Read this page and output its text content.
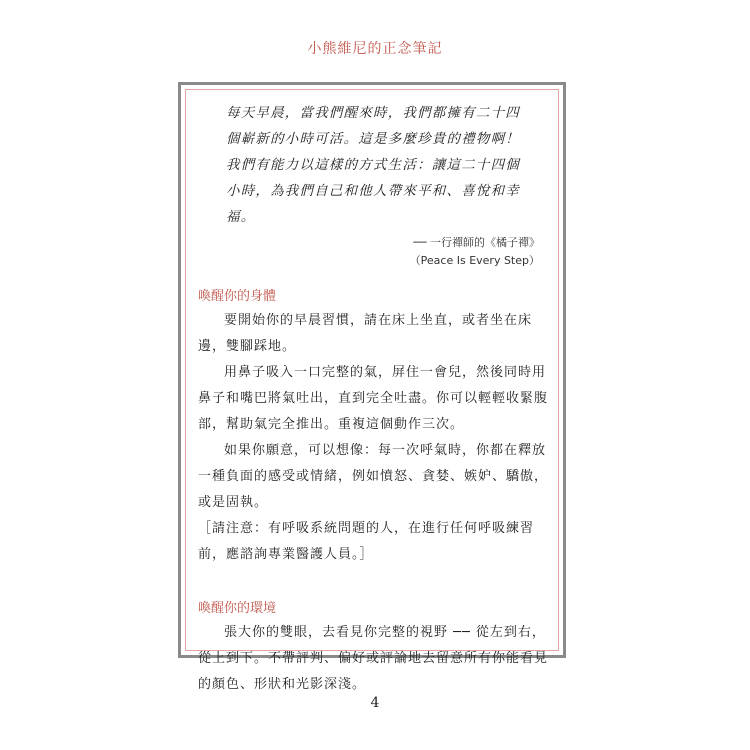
小熊維尼的正念筆記

每天早晨，當我們醒來時，我們都擁有二十四個嶄新的小時可活。這是多麼珍貴的禮物啊！

我們有能力以這樣的方式生活：讓這二十四個小時，為我們自己和他人帶來平和、喜悅和幸福。

── 一行禪師的《橘子禪》
（Peace Is Every Step）
喚醒你的身體

要開始你的早晨習慣，請在床上坐直，或者坐在床邊，雙腳踩地。

用鼻子吸入一口完整的氣，屏住一會兒，然後同時用鼻子和嘴巴將氣吐出，直到完全吐盡。你可以輕輕收緊腹部，幫助氣完全推出。重複這個動作三次。

如果你願意，可以想像：每一次呼氣時，你都在釋放一種負面的感受或情緒，例如憤怒、貪婪、嫉妒、驕傲，或是固執。

［請注意：有呼吸系統問題的人，在進行任何呼吸練習前，應諮詢專業醫護人員。］

喚醒你的環境

張大你的雙眼，去看見你完整的視野 ── 從左到右，從上到下。不帶評判、偏好或評論地去留意所有你能看見的顏色、形狀和光影深淺。

4
